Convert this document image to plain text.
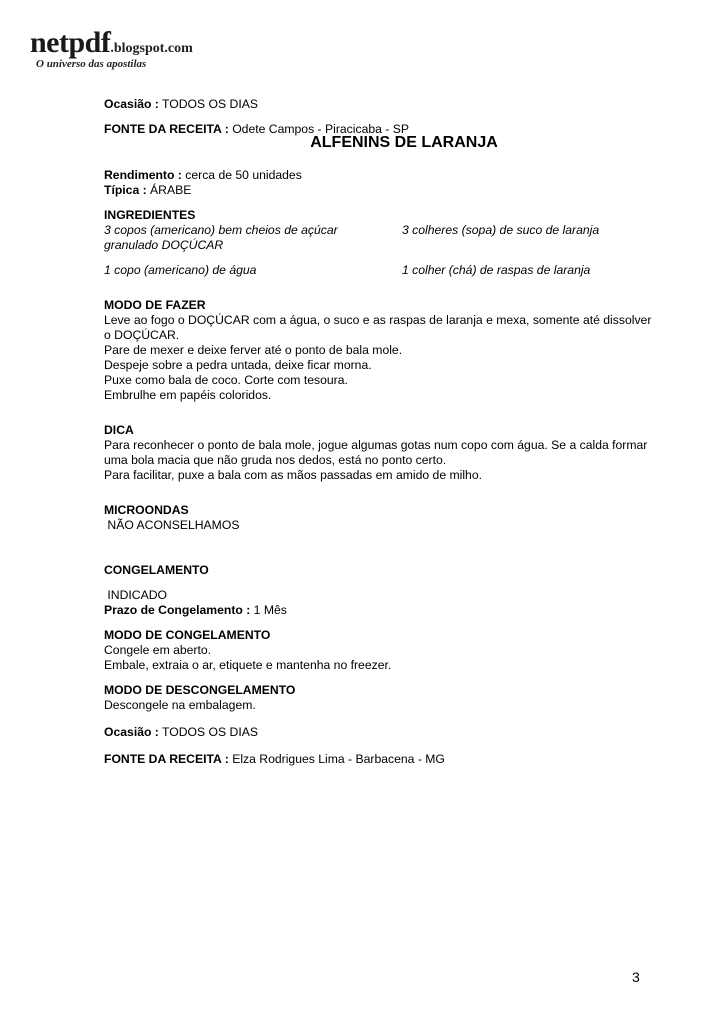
netpdf.blogspot.com
O universo das apostilas
Ocasião : TODOS OS DIAS
FONTE DA RECEITA : Odete Campos - Piracicaba - SP
ALFENINS DE LARANJA
Rendimento : cerca de 50 unidades
Típica : ÁRABE
INGREDIENTES
3 copos (americano) bem cheios de açúcar
granulado DOÇÚCAR
3 colheres (sopa) de suco de laranja
1 copo (americano) de água	1 colher (chá) de raspas de laranja
MODO DE FAZER
Leve ao fogo o DOÇÚCAR com a água, o suco e as raspas de laranja e mexa, somente até dissolver
o DOÇÚCAR.
Pare de mexer e deixe ferver até o ponto de bala mole.
Despeje sobre a pedra untada, deixe ficar morna.
Puxe como bala de coco. Corte com tesoura.
Embrulhe em papéis coloridos.
DICA
Para reconhecer o ponto de bala mole, jogue algumas gotas num copo com água. Se a calda formar
uma bola macia que não gruda nos dedos, está no ponto certo.
Para facilitar, puxe a bala com as mãos passadas em amido de milho.
MICROONDAS
NÃO ACONSELHAMOS
CONGELAMENTO
INDICADO
Prazo de Congelamento : 1 Mês
MODO DE CONGELAMENTO
Congele em aberto.
Embale, extraia o ar, etiquete e mantenha no freezer.
MODO DE DESCONGELAMENTO
Descongele na embalagem.
Ocasião : TODOS OS DIAS
FONTE DA RECEITA : Elza Rodrigues Lima - Barbacena - MG
3
